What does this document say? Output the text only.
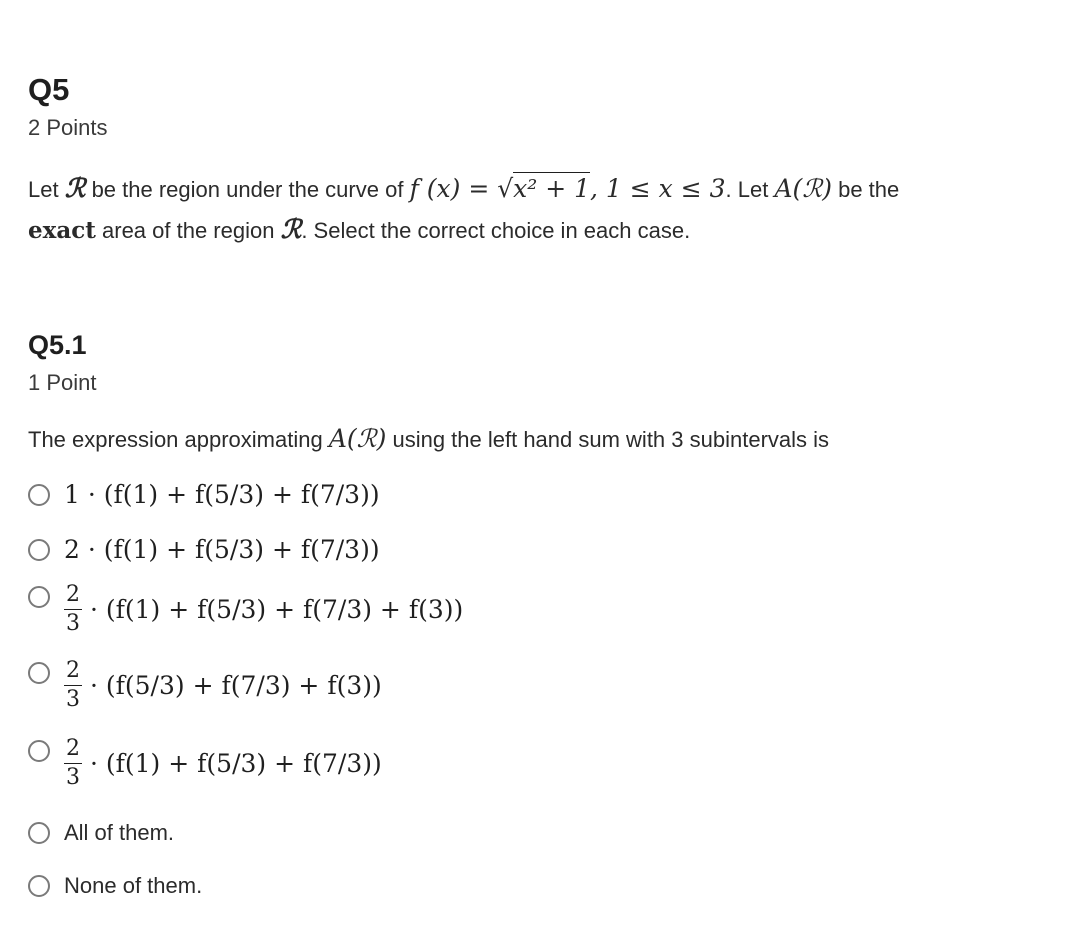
Q5
2 Points
Let ℛ be the region under the curve of f (x) = √x² + 1, 1 ≤ x ≤ 3. Let A(ℛ) be the
exact area of the region ℛ. Select the correct choice in each case.
Q5.1
1 Point
The expression approximating A(ℛ) using the left hand sum with 3 subintervals is
1 · (f(1) + f(5/3) + f(7/3))
2 · (f(1) + f(5/3) + f(7/3))
$\frac{2}{3} \cdot (f(1) + f(5/3) + f(7/3) + f(3))$
$\frac{2}{3} \cdot (f(5/3) + f(7/3) + f(3))$
$\frac{2}{3} \cdot (f(1) + f(5/3) + f(7/3))$
All of them.
None of them.
